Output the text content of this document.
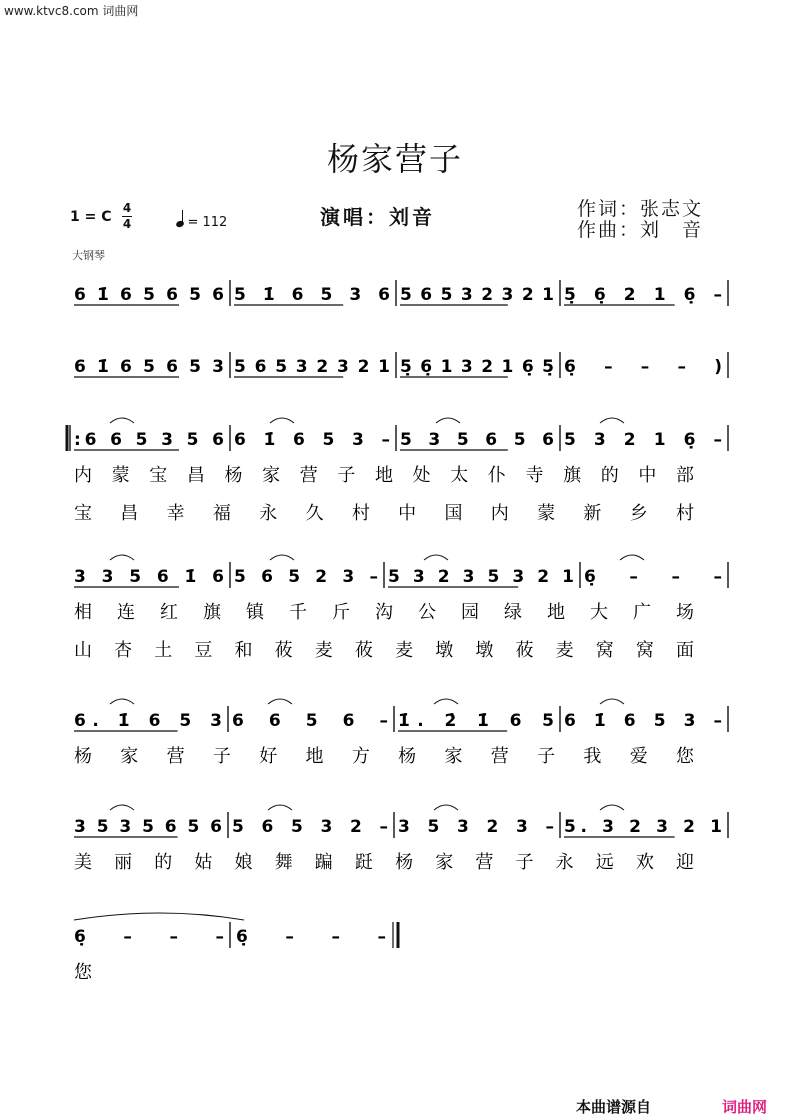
www.ktvc8.com 词曲网
杨家营子
1 = C
4
4	= 112	演唱：刘音	作词：张志文
作曲：刘　音
大钢琴
6 1̇ 6 5 6 5 6 5 1̇ 6 5 3 6 5 6 5 3 2 3 2 1 5̣ 6̣ 2 1 6̣ –
6 1̇ 6 5 6 5 3 5 6 5 3 2 3 2 1 5̣ 6̣ 1 3 2 1 6̣ 5̣ 6̣ – – – )
:6 6 5 3 5 6 6 1̇ 6 5 3 – 5 3 5 6 5 6 5 3 2 1 6̣ –
内蒙宝昌杨家营子地处太仆寺旗的中部
宝昌幸福永久村中国内蒙新乡村
3 3 5 6 1̇ 6 5 6 5 2 3 – 5 3 2 3 5 3 2 1 6̣ – – –
相连红旗镇千斤沟公园绿地大广场
山杏土豆和莜麦莜麦墩墩莜麦窝窝面
6. 1̇ 6 5 3 6 6 5 6 – 1̇. 2̇ 1̇ 6 5 6 1̇ 6 5 3 –
杨家营子好地方杨家营子我爱您
3 5 3 5 6 5 6 5 6 5 3 2 – 3 5 3 2 3 – 5. 3 2 3 2 1
美丽的姑娘舞蹁跹杨家营子永远欢迎
6̣ – – – 6̣ – – –
您
本曲谱源自	词曲网
